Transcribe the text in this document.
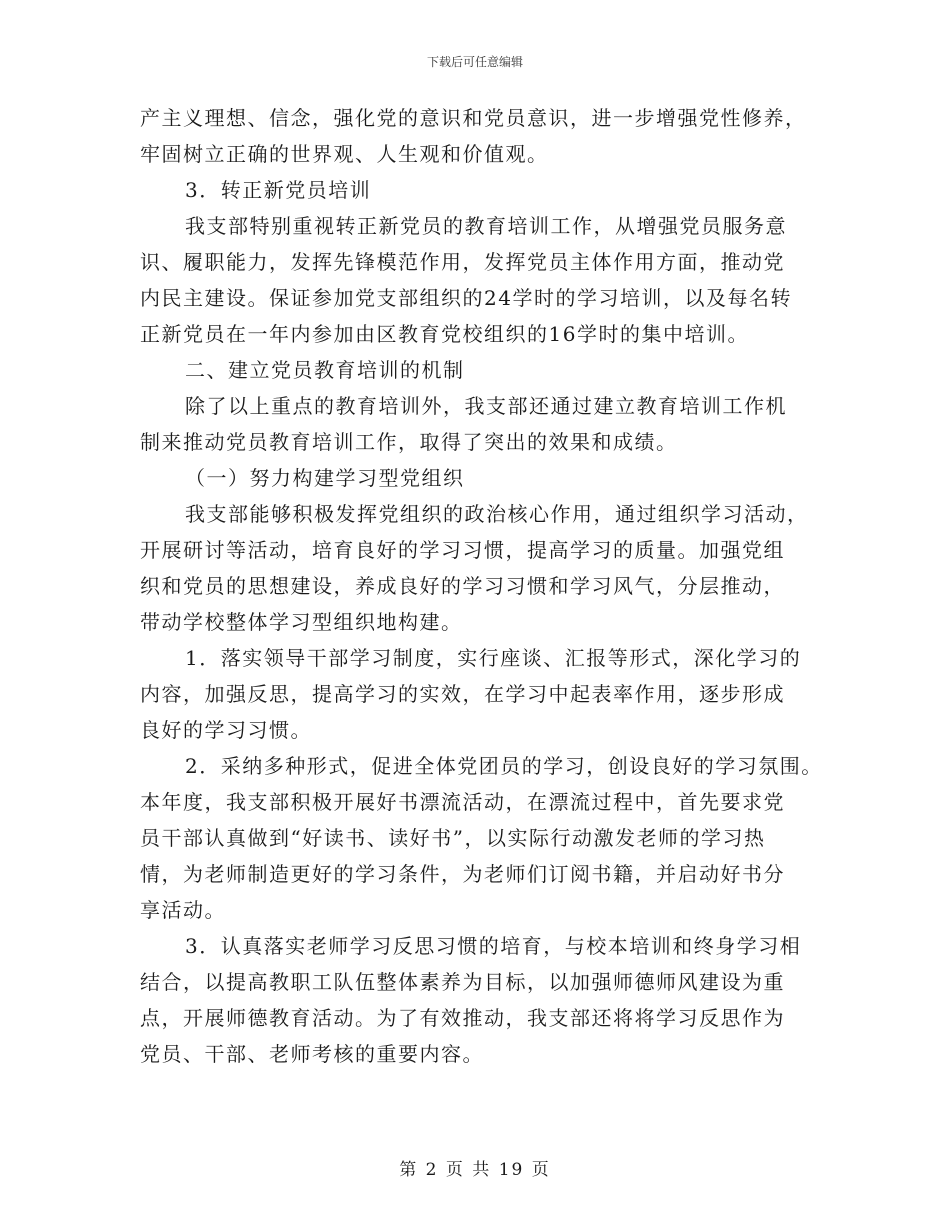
下载后可任意编辑
产主义理想、信念，强化党的意识和党员意识，进一步增强党性修养，
牢固树立正确的世界观、人生观和价值观。
3．转正新党员培训
我支部特别重视转正新党员的教育培训工作，从增强党员服务意
识、履职能力，发挥先锋模范作用，发挥党员主体作用方面，推动党
内民主建设。保证参加党支部组织的24学时的学习培训，以及每名转
正新党员在一年内参加由区教育党校组织的16学时的集中培训。
二、建立党员教育培训的机制
除了以上重点的教育培训外，我支部还通过建立教育培训工作机
制来推动党员教育培训工作，取得了突出的效果和成绩。
（一）努力构建学习型党组织
我支部能够积极发挥党组织的政治核心作用，通过组织学习活动，
开展研讨等活动，培育良好的学习习惯，提高学习的质量。加强党组
织和党员的思想建设，养成良好的学习习惯和学习风气，分层推动，
带动学校整体学习型组织地构建。
1．落实领导干部学习制度，实行座谈、汇报等形式，深化学习的
内容，加强反思，提高学习的实效，在学习中起表率作用，逐步形成
良好的学习习惯。
2．采纳多种形式，促进全体党团员的学习，创设良好的学习氛围。
本年度，我支部积极开展好书漂流活动，在漂流过程中，首先要求党
员干部认真做到“好读书、读好书”，以实际行动激发老师的学习热
情，为老师制造更好的学习条件，为老师们订阅书籍，并启动好书分
享活动。
3．认真落实老师学习反思习惯的培育，与校本培训和终身学习相
结合，以提高教职工队伍整体素养为目标，以加强师德师风建设为重
点，开展师德教育活动。为了有效推动，我支部还将将学习反思作为
党员、干部、老师考核的重要内容。
第 2 页 共 19 页
